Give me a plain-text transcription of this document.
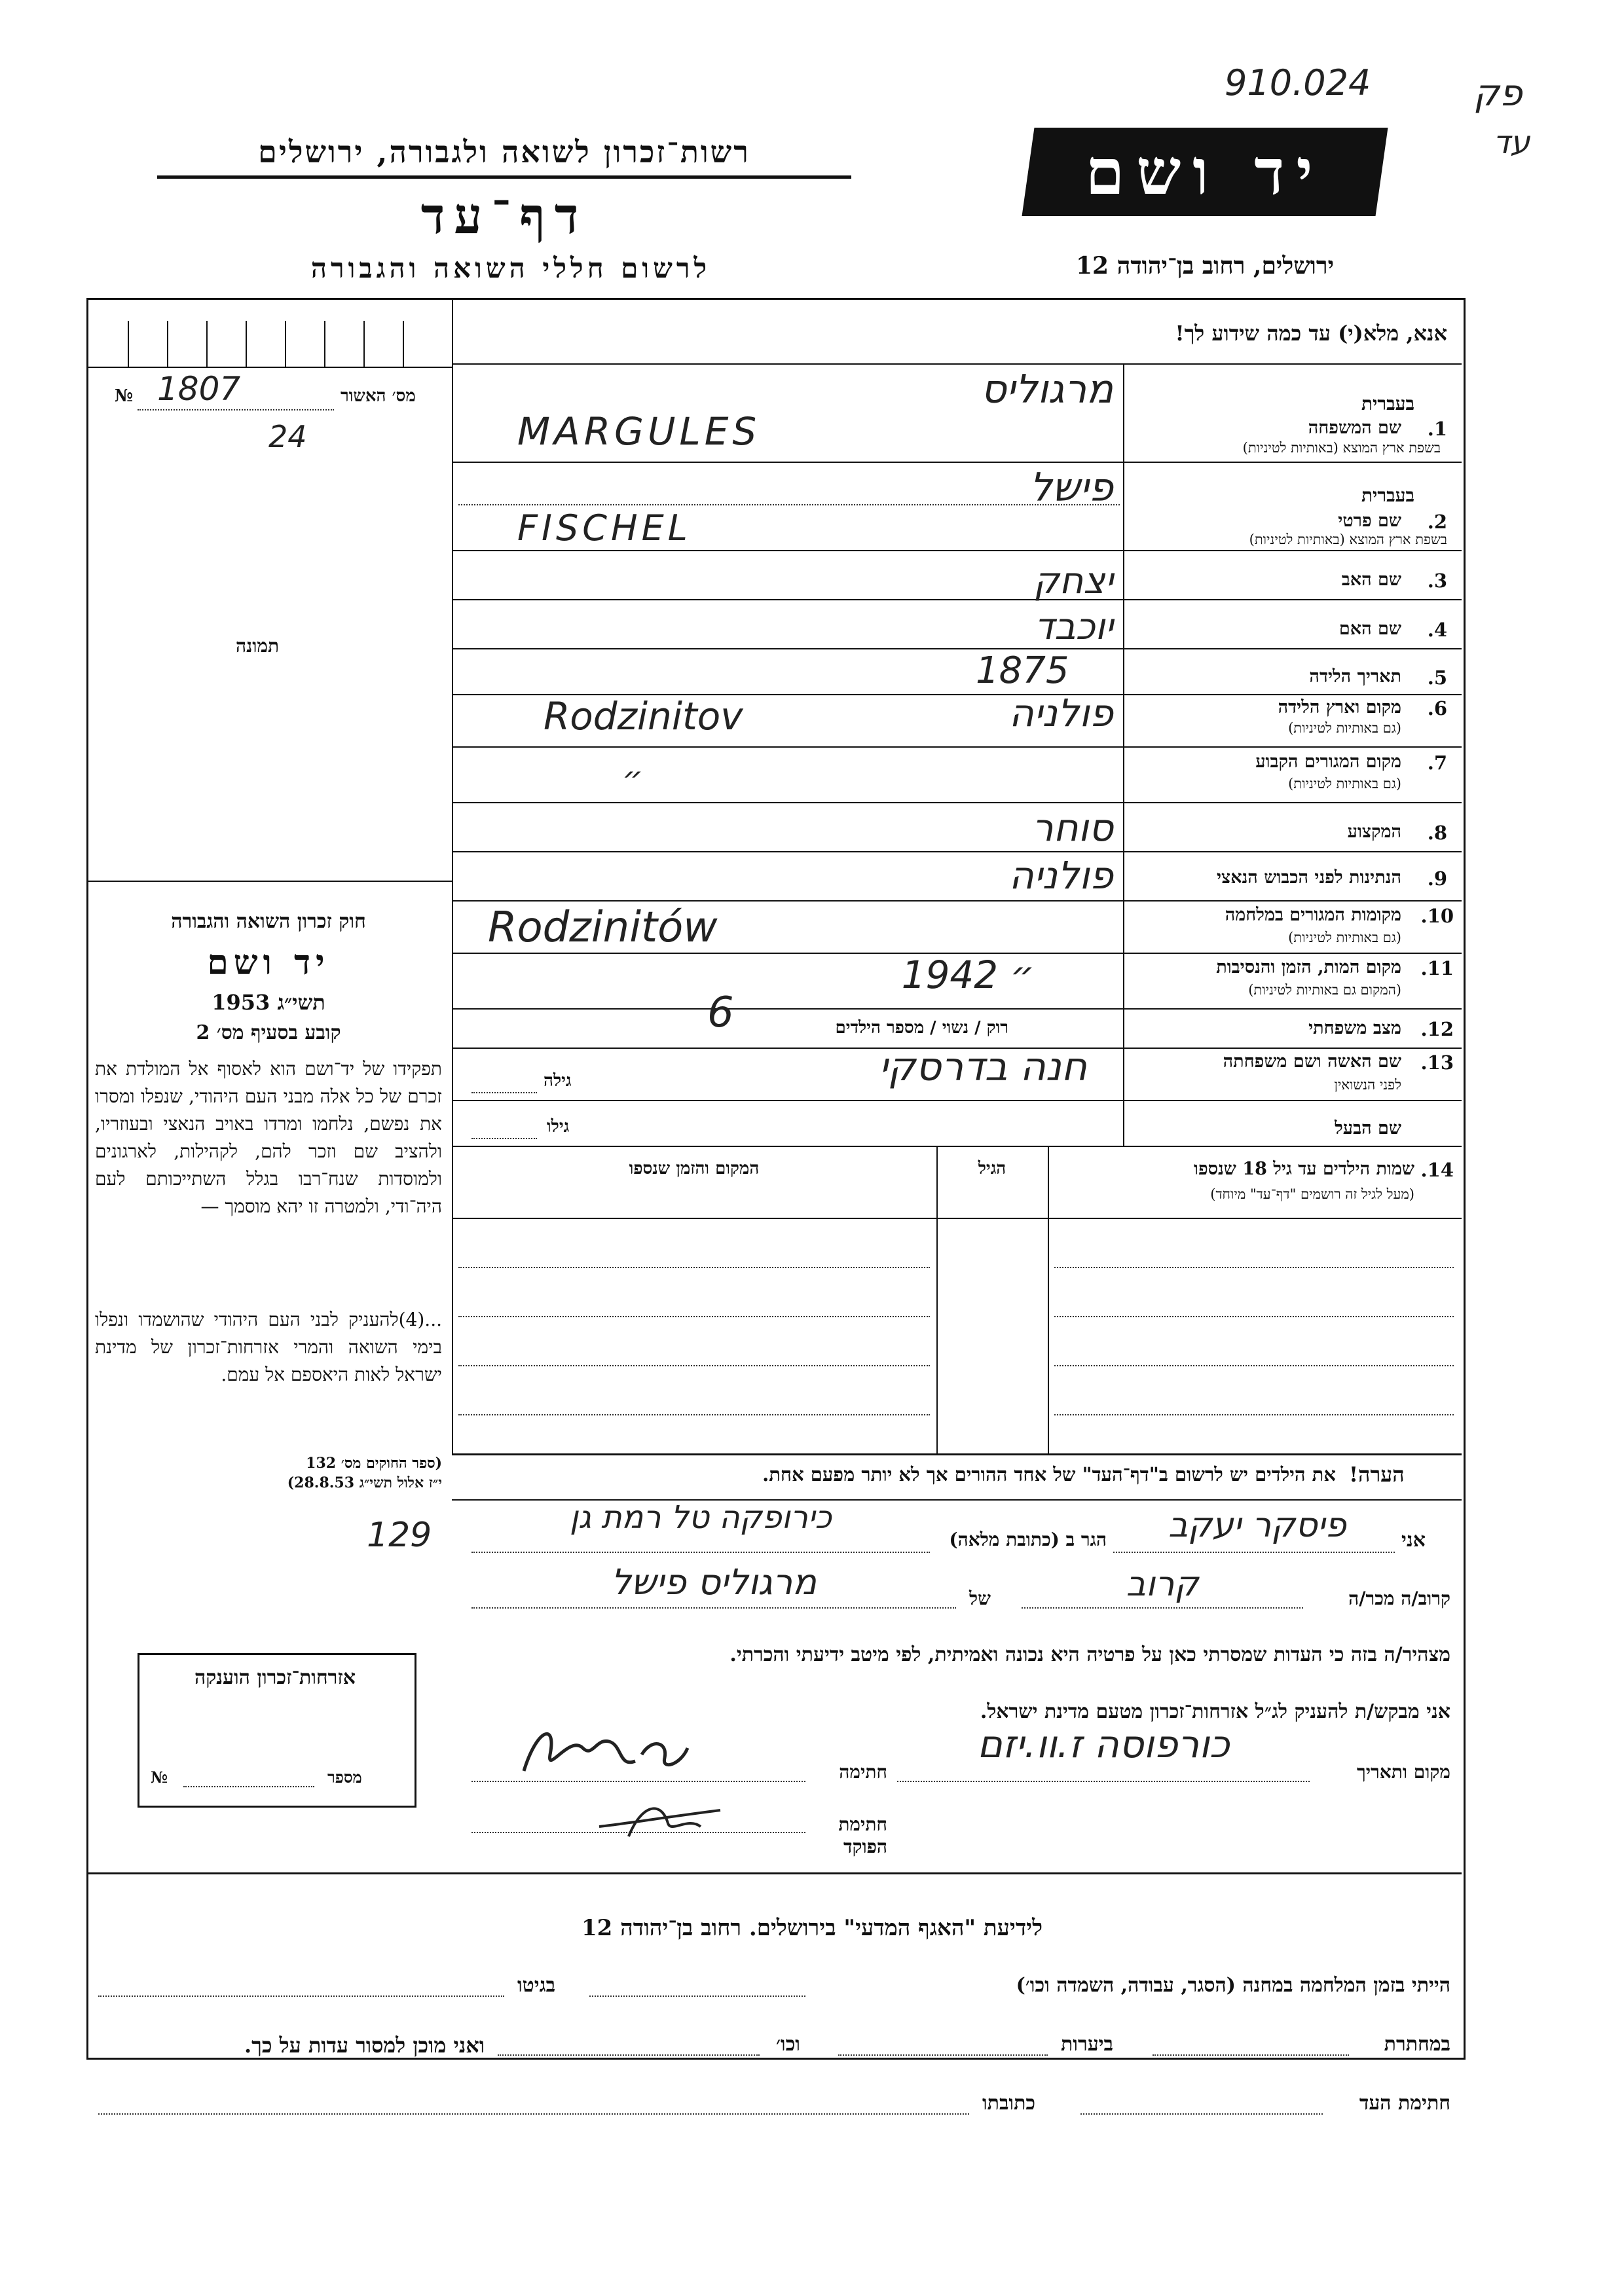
910.024	פק
עד
רשות־זכרון לשואה ולגבורה, ירושלים
דף־עד
לרשום חללי השואה והגבורה
יד ושם
ירושלים, רחוב בן־יהודה 12
№ 1807
24
מס׳ האשור
תמונה
אנא, מלא(י) עד כמה שידוע לך!
בעברית
שם המשפחה	1.
בשפת ארץ המוצא (באותיות לטיניות)
מרגוליס
MARGULES
בעברית
שם פרטי	2.
בשפת ארץ המוצא (באותיות לטיניות)
פישל
FISCHEL
שם האב	3.
יצחק
שם האם	4.
יוכבד
תאריך הלידה	5.
1875
מקום וארץ הלידה	6.
(גם באותיות לטיניות)
פולניה
Rodzinitov
מקום המגורים הקבוע	7.
(גם באותיות לטיניות)
״
המקצוע	8.
סוחר
הנתינות לפני הכבוש הנאצי	9.
פולניה
מקומות המגורים במלחמה	10.
(גם באותיות לטיניות)
Rodzinitów
מקום המות, הזמן והנסיבות	11.
(המקום גם באותיות לטיניות)
״ 1942
מצב משפחתי	12.
רוק / נשוי / מספר הילדים
6
שם האשה ושם משפחתה	13.
לפני הנשואין
חנה בדרסקי
גילה
שם הבעל
גילו
חוק זכרון השואה והגבורה
יד ושם
תשי״ג 1953
קובע בסעיף מס׳ 2
תפקידו של יד־ושם הוא לאסוף אל המולדת את זכרם של כל אלה מבני העם היהודי, שנפלו ומסרו את נפשם, נלחמו ומרדו באויב הנאצי ובעוזריו, ולהציב שם וזכר להם, לקהילות, לארגונים ולמוסדות שנח־רבו בגלל השתייכותם לעם היה־ודי, ולמטרה זו יהא מוסמך —
...(4)להעניק לבני העם היהודי שהושמדו ונפלו בימי השואה והמרי אזרחות־זכרון של מדינת ישראל לאות היאספם אל עמם.
(ספר החוקים מס׳ 132
י״ז אלול תשי״ג 28.8.53)
שמות הילדים עד גיל 18 שנספו 14.
(מעל לגיל זה רושמים "דף־עד" מיוחד)
הגיל
המקום והזמן שנספו
הערה!
את הילדים יש לרשום ב"דף־העד" של אחד ההורים אך לא יותר מפעם אחת.
אני
פיסקר יעקב
הגר ב (כתובת מלאה)
כירופקה טל רמת גן
129
קרוב/ה מכר/ה
קרוב
של
מרגוליס פישל
מצהיר/ה בזה כי העדות שמסרתי כאן על פרטיה היא נכונה ואמיתית, לפי מיטב ידיעתי והכרתי.
אני מבקש/ת להעניק לג״ל אזרחות־זכרון מטעם מדינת ישראל.
מקום ותאריך
כורפוסה ז.וו.יזם
חתימה
חתימת הפוקד
אזרחות־זכרון הוענקה
מספר
№
לידיעת "האגף המדעי" בירושלים. רחוב בן־יהודה 12
הייתי בזמן המלחמה במחנה (הסגר, עבודה, השמדה וכו׳)
בגיטו
במחתרת
ביערות
וכו׳
ואני מוכן למסור עדות על כך.
חתימת העד
כתובתו
